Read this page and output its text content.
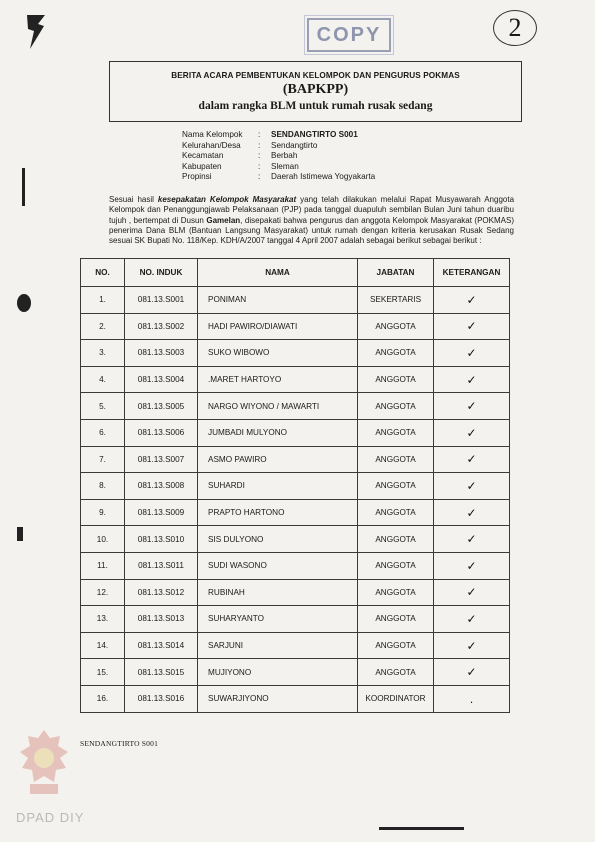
COPY	2
BERITA ACARA PEMBENTUKAN KELOMPOK DAN PENGURUS POKMAS
(BAPKPP)
dalam rangka BLM untuk rumah rusak sedang
Nama Kelompok	:	SENDANGTIRTO S001
Kelurahan/Desa	:	Sendangtirto
Kecamatan	:	Berbah
Kabupaten	:	Sleman
Propinsi	:	Daerah Istimewa Yogyakarta
Sesuai hasil kesepakatan Kelompok Masyarakat yang telah dilakukan melalui Rapat Musyawarah Anggota Kelompok dan Penanggungjawab Pelaksanaan (PJP) pada tanggal duapuluh sembilan Bulan Juni tahun duaribu tujuh , bertempat di Dusun Gamelan, disepakati bahwa pengurus dan anggota Kelompok Masyarakat (POKMAS) penerima Dana BLM (Bantuan Langsung Masyarakat) untuk rumah dengan kriteria kerusakan Rusak Sedang sesuai SK Bupati No. 118/Kep. KDH/A/2007 tanggal 4 April 2007 adalah sebagai berikut sebagai berikut :
NO.	NO. INDUK	NAMA	JABATAN	KETERANGAN
1.	081.13.S001	PONIMAN	SEKERTARIS	✓
2.	081.13.S002	HADI PAWIRO/DIAWATI	ANGGOTA	✓
3.	081.13.S003	SUKO WIBOWO	ANGGOTA	✓
4.	081.13.S004	.MARET HARTOYO	ANGGOTA	✓
5.	081.13.S005	NARGO WIYONO / MAWARTI	ANGGOTA	✓
6.	081.13.S006	JUMBADI MULYONO	ANGGOTA	✓
7.	081.13.S007	ASMO PAWIRO	ANGGOTA	✓
8.	081.13.S008	SUHARDI	ANGGOTA	✓
9.	081.13.S009	PRAPTO HARTONO	ANGGOTA	✓
10.	081.13.S010	SIS DULYONO	ANGGOTA	✓
11.	081.13.S011	SUDI WASONO	ANGGOTA	✓
12.	081.13.S012	RUBINAH	ANGGOTA	✓
13.	081.13.S013	SUHARYANTO	ANGGOTA	✓
14.	081.13.S014	SARJUNI	ANGGOTA	✓
15.	081.13.S015	MUJIYONO	ANGGOTA	✓
16.	081.13.S016	SUWARJIYONO	KOORDINATOR	.
SENDANGTIRTO S001
DPAD DIY
